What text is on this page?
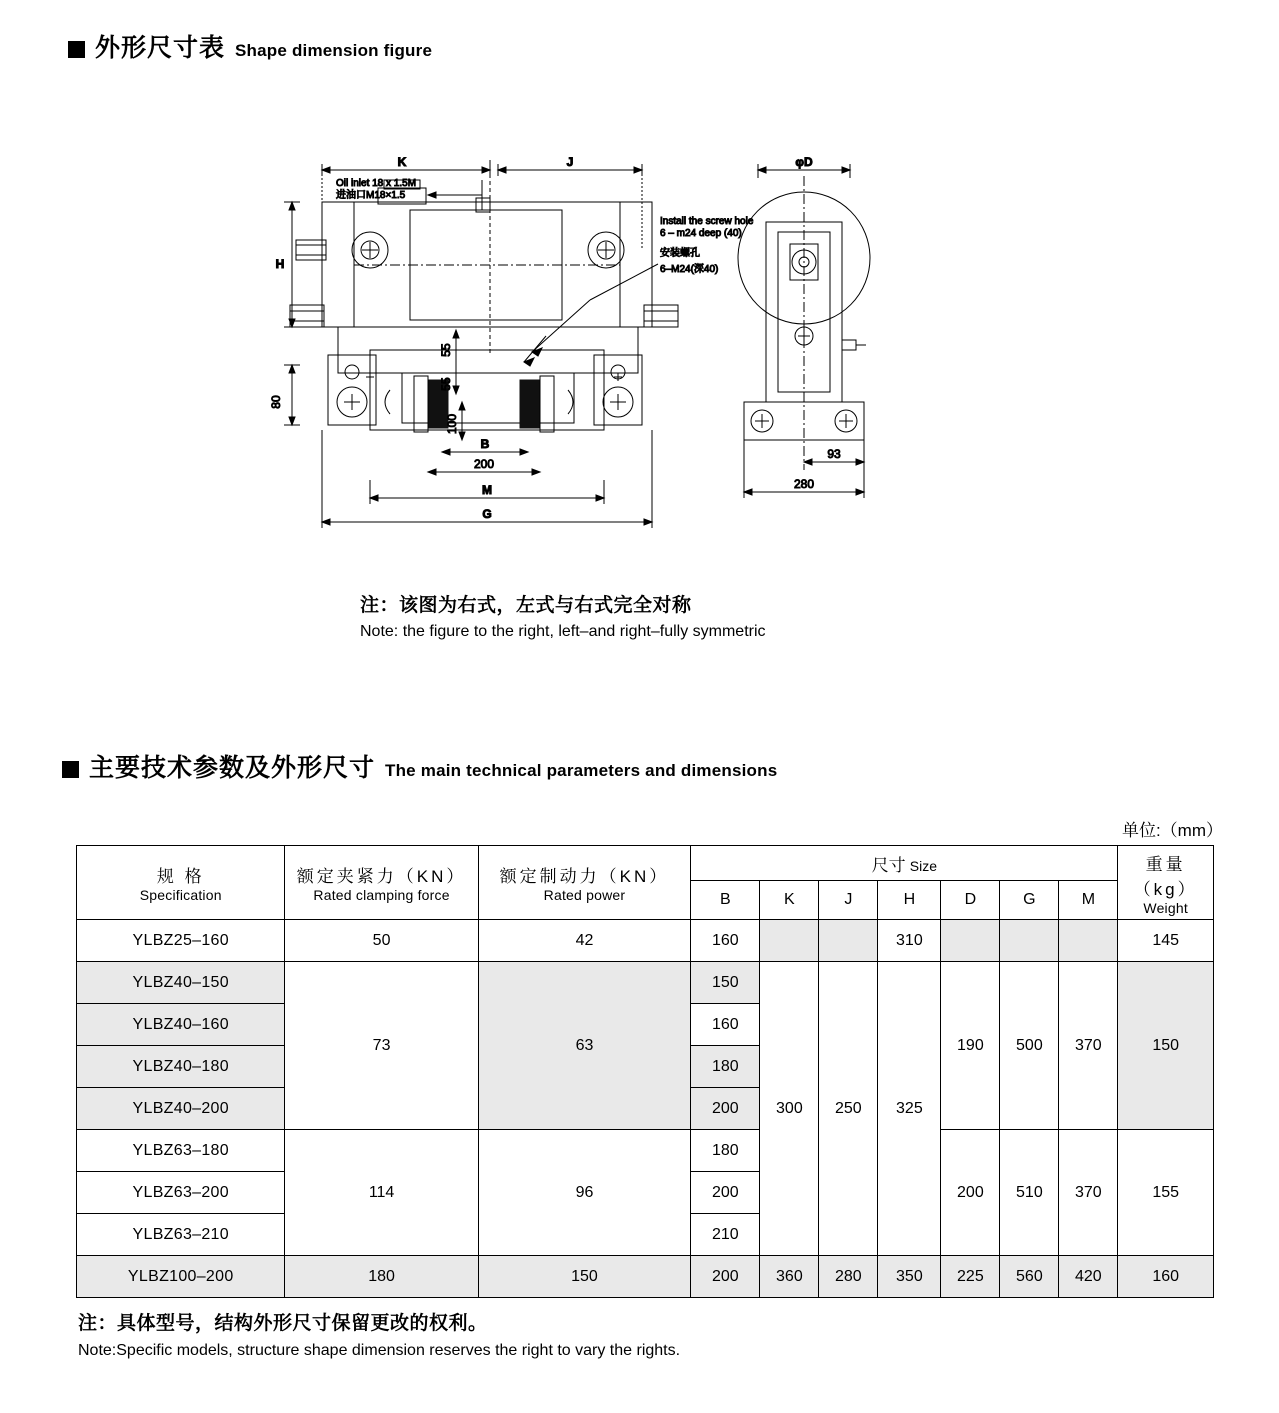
外形尺寸表 Shape dimension figure
K	J
H
80
55
55
100
B
200
M
G
Oil inlet 18 x 1.5M
进油口M18×1.5
Install the screw hole
6 – m24 deep (40)
安装螺孔
6–M24(深40)
φD
93
280
注：该图为右式，左式与右式完全对称
Note: the figure to the right, left–and right–fully symmetric
主要技术参数及外形尺寸 The main technical parameters and dimensions
单位:（mm）
规 格
Specification	额定夹紧力（KN）
Rated clamping force	额定制动力（KN）
Rated power	尺寸 Size							重量（kg）
Weight

			B	K	J	H	D	G	M	
YLBZ25–160	50	42	160			310				145
YLBZ40–150	73	63	150	300	250	325	190	500	370	150
YLBZ40–160			160							
YLBZ40–180			180							
YLBZ40–200			200							
YLBZ63–180	114	96	180				200	510	370	155
YLBZ63–200			200							
YLBZ63–210			210							
YLBZ100–200	180	150	200	360	280	350	225	560	420	160
注：具体型号，结构外形尺寸保留更改的权利。
Note:Specific models, structure shape dimension reserves the right to vary the rights.
